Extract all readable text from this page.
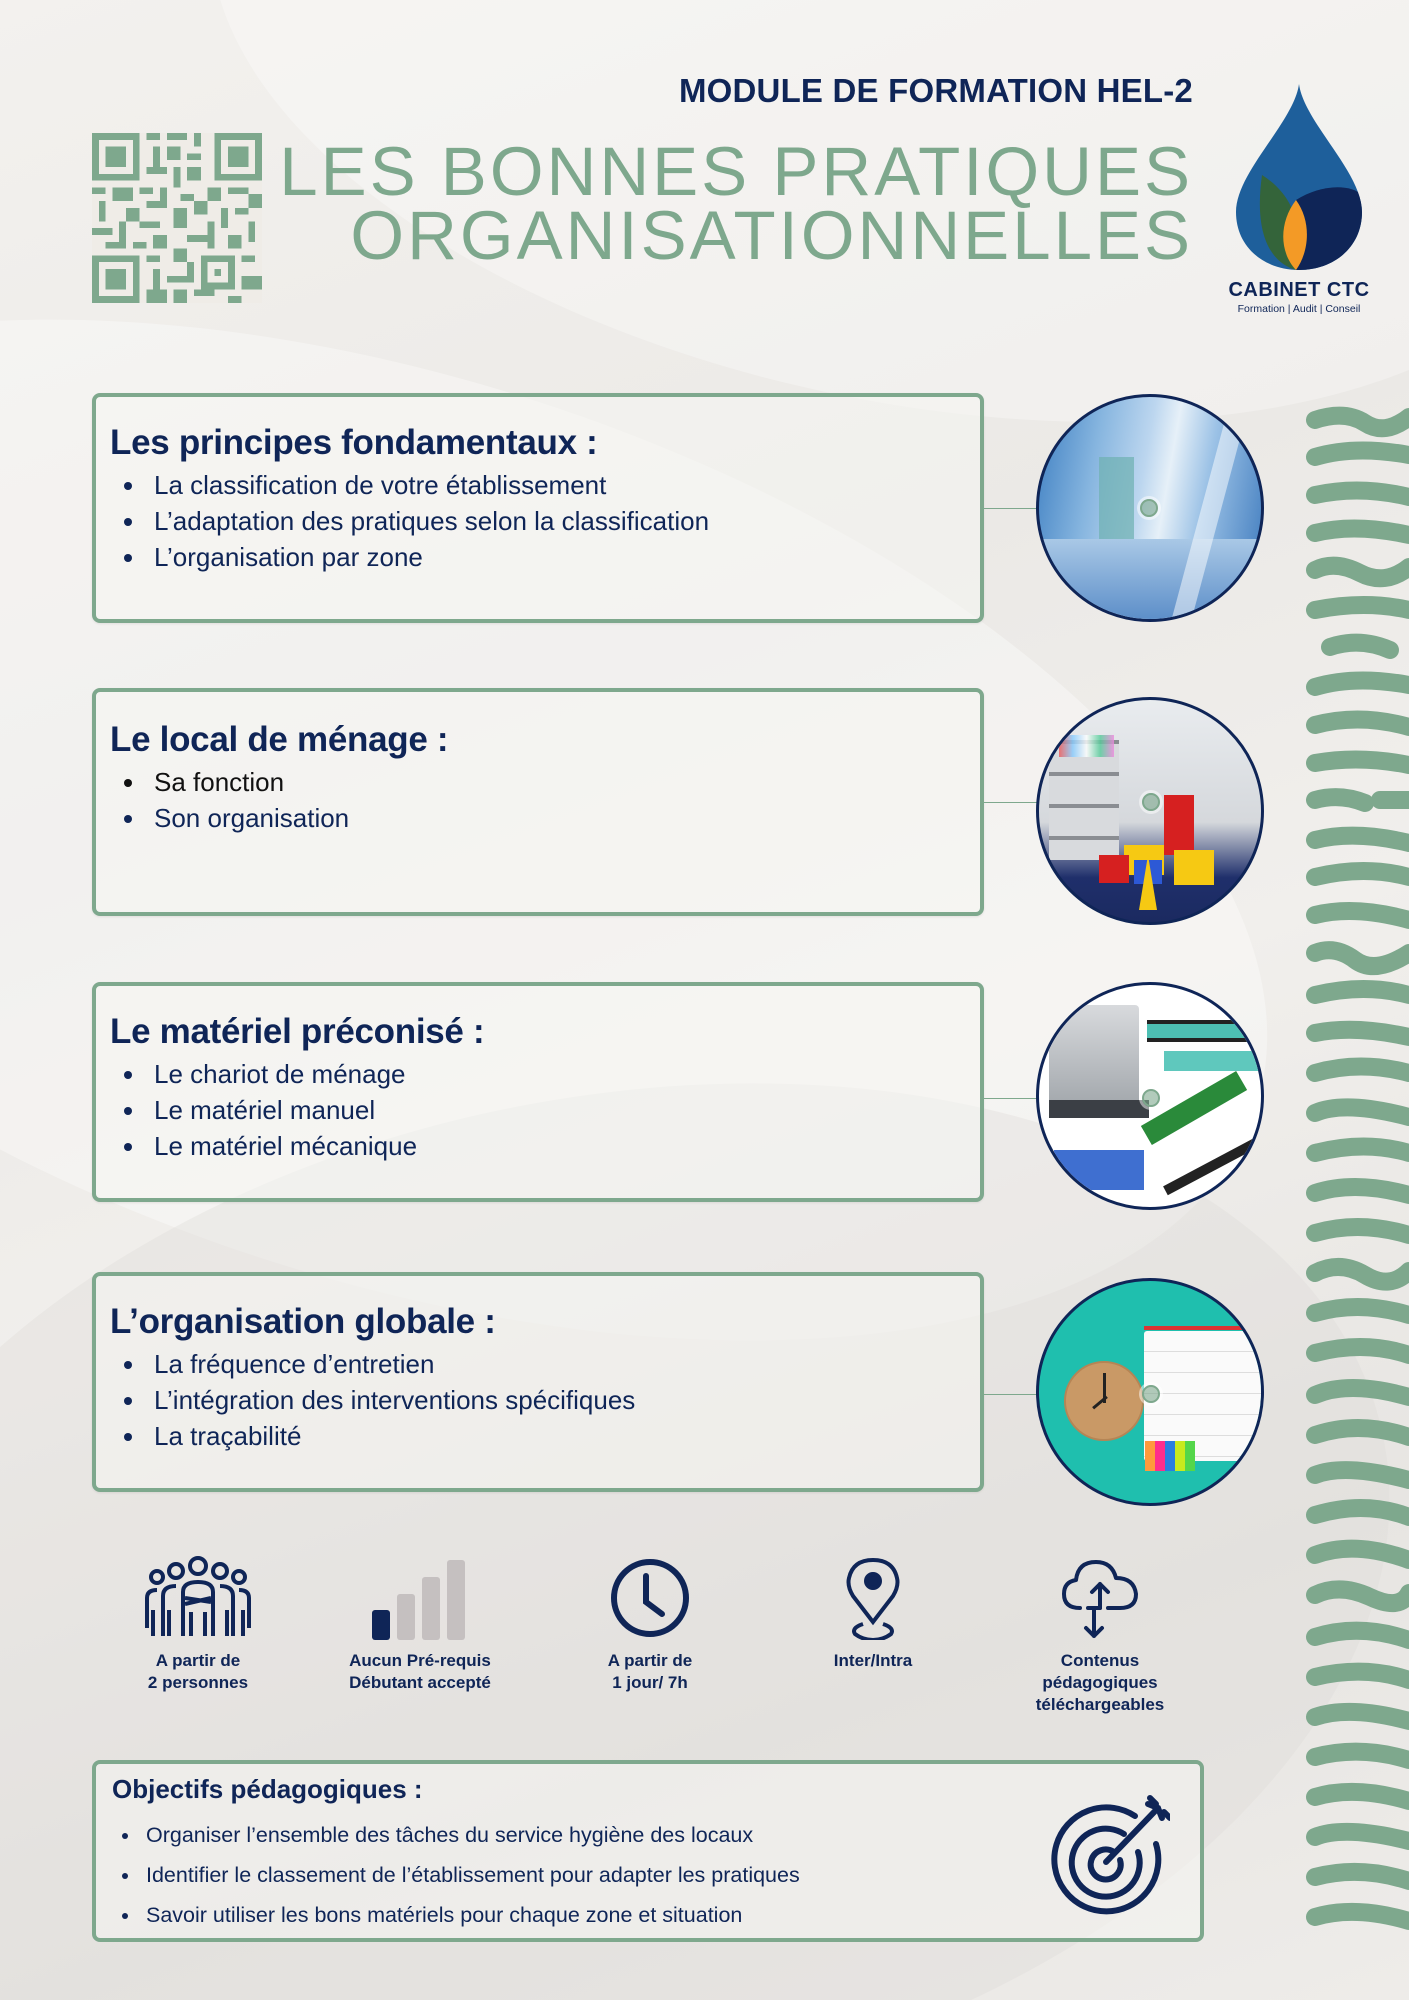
MODULE DE FORMATION HEL-2
LES BONNES PRATIQUES
ORGANISATIONNELLES
CABINET CTC
Formation | Audit | Conseil
Les principes fondamentaux :
La classification de votre établissement
L’adaptation des pratiques selon la classification
L’organisation par zone
Le local de ménage :
Sa fonction
Son organisation
Le matériel préconisé :
Le chariot de ménage
Le matériel manuel
Le matériel mécanique
L’organisation globale :
La fréquence d’entretien
L’intégration des interventions spécifiques
La traçabilité
A partir de
2 personnes
Aucun Pré-requis
Débutant accepté
A partir de
1 jour/ 7h
Inter/Intra	Contenus
pédagogiques
téléchargeables
Objectifs pédagogiques :
Organiser l’ensemble des tâches du service hygiène des locaux
Identifier le classement de l’établissement pour adapter les pratiques
Savoir utiliser les bons matériels pour chaque zone et situation
